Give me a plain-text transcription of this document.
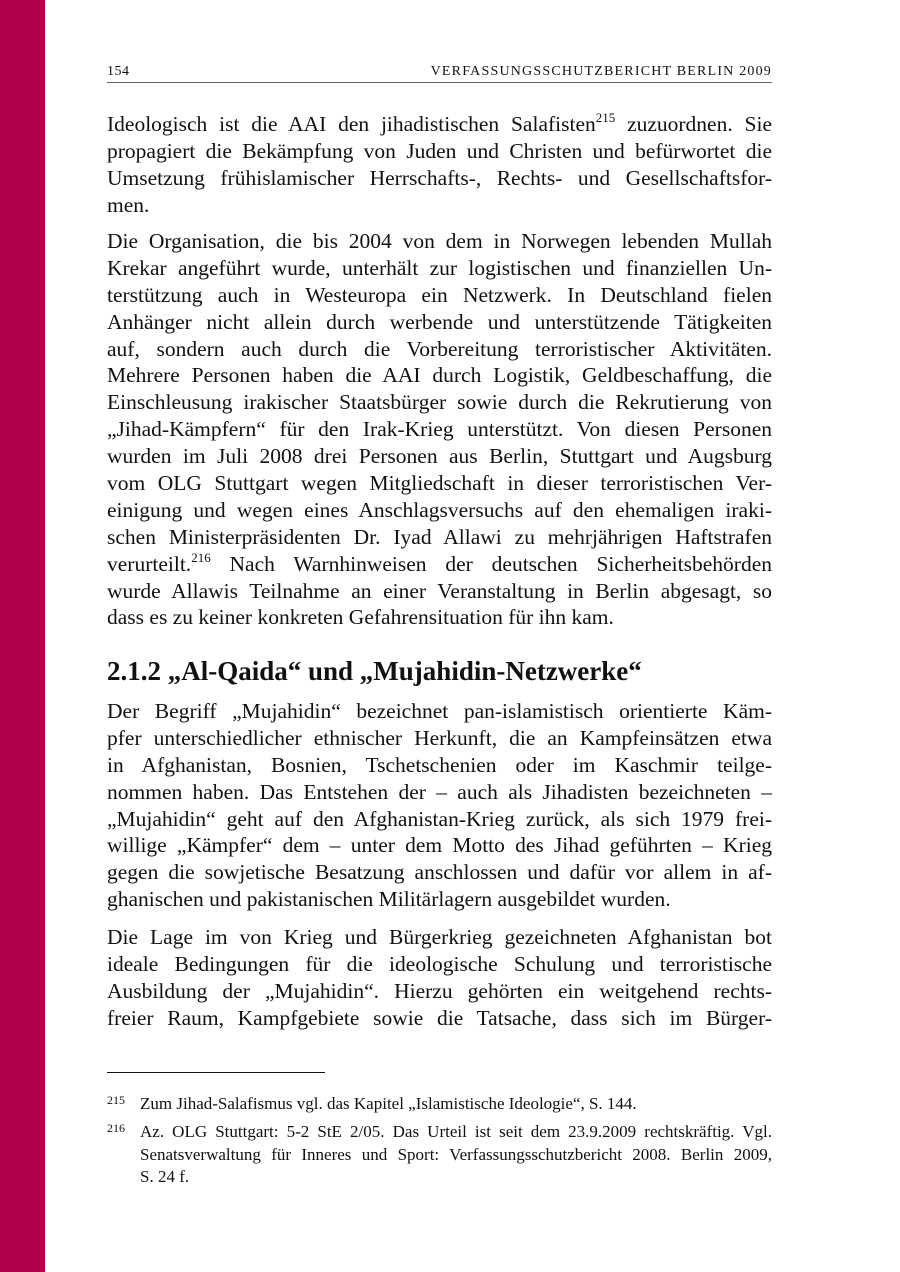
154	VERFASSUNGSSCHUTZBERICHT BERLIN 2009
Ideologisch ist die AAI den jihadistischen Salafisten$^{215}$ zuzuordnen. Sie
propagiert die Bekämpfung von Juden und Christen und befürwortet die
Umsetzung frühislamischer Herrschafts-, Rechts- und Gesellschaftsfor-
men.
Die Organisation, die bis 2004 von dem in Norwegen lebenden Mullah
Krekar angeführt wurde, unterhält zur logistischen und finanziellen Un-
terstützung auch in Westeuropa ein Netzwerk. In Deutschland fielen
Anhänger nicht allein durch werbende und unterstützende Tätigkeiten
auf, sondern auch durch die Vorbereitung terroristischer Aktivitäten.
Mehrere Personen haben die AAI durch Logistik, Geldbeschaffung, die
Einschleusung irakischer Staatsbürger sowie durch die Rekrutierung von
„Jihad-Kämpfern“ für den Irak-Krieg unterstützt. Von diesen Personen
wurden im Juli 2008 drei Personen aus Berlin, Stuttgart und Augsburg
vom OLG Stuttgart wegen Mitgliedschaft in dieser terroristischen Ver-
einigung und wegen eines Anschlagsversuchs auf den ehemaligen iraki-
schen Ministerpräsidenten Dr. Iyad Allawi zu mehrjährigen Haftstrafen
verurteilt.$^{216}$ Nach Warnhinweisen der deutschen Sicherheitsbehörden
wurde Allawis Teilnahme an einer Veranstaltung in Berlin abgesagt, so
dass es zu keiner konkreten Gefahrensituation für ihn kam.
2.1.2 „Al-Qaida“ und „Mujahidin-Netzwerke“
Der Begriff „Mujahidin“ bezeichnet pan-islamistisch orientierte Käm-
pfer unterschiedlicher ethnischer Herkunft, die an Kampfeinsätzen etwa
in Afghanistan, Bosnien, Tschetschenien oder im Kaschmir teilge-
nommen haben. Das Entstehen der – auch als Jihadisten bezeichneten –
„Mujahidin“ geht auf den Afghanistan-Krieg zurück, als sich 1979 frei-
willige „Kämpfer“ dem – unter dem Motto des Jihad geführten – Krieg
gegen die sowjetische Besatzung anschlossen und dafür vor allem in af-
ghanischen und pakistanischen Militärlagern ausgebildet wurden.
Die Lage im von Krieg und Bürgerkrieg gezeichneten Afghanistan bot
ideale Bedingungen für die ideologische Schulung und terroristische
Ausbildung der „Mujahidin“. Hierzu gehörten ein weitgehend rechts-
freier Raum, Kampfgebiete sowie die Tatsache, dass sich im Bürger-
215 Zum Jihad-Salafismus vgl. das Kapitel „Islamistische Ideologie“, S. 144.
216 Az. OLG Stuttgart: 5-2 StE 2/05. Das Urteil ist seit dem 23.9.2009 rechtskräftig. Vgl.
Senatsverwaltung für Inneres und Sport: Verfassungsschutzbericht 2008. Berlin 2009,
S. 24 f.
